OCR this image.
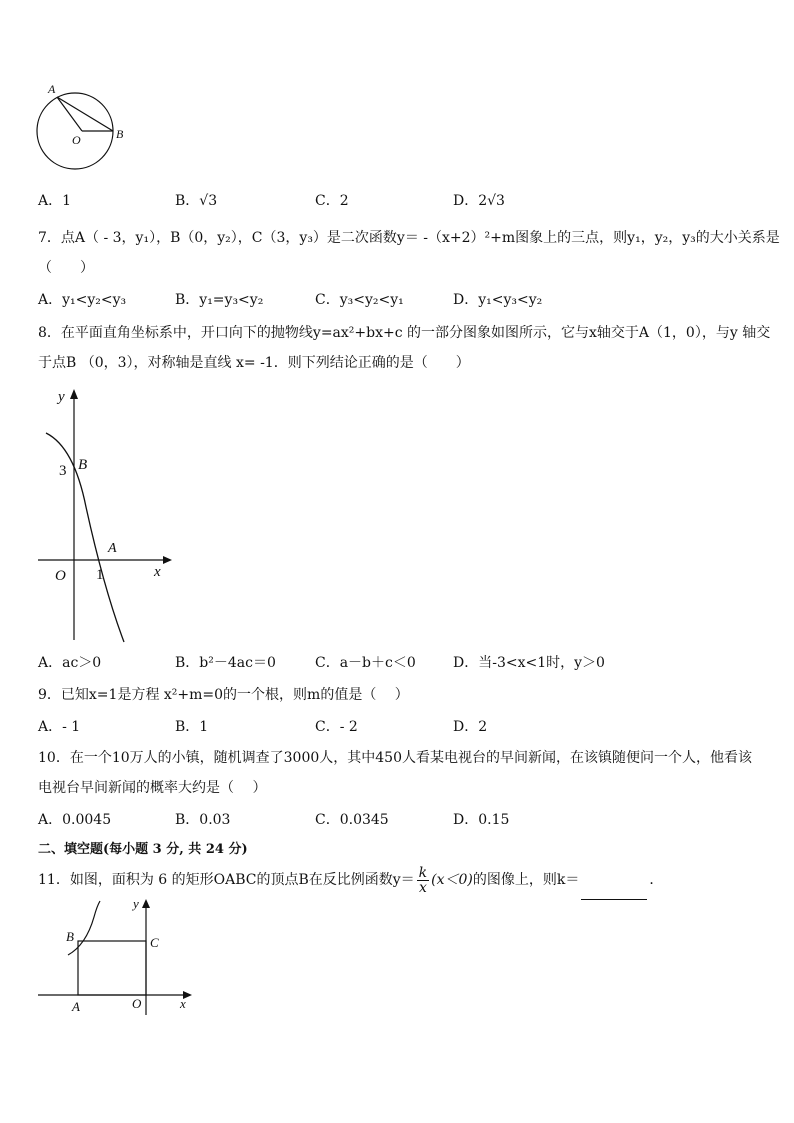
A
O	B
A．1	B．√3	C．2	D．2√3
7．点A（ - 3，y₁），B（0，y₂），C（3，y₃）是二次函数y＝ -（x+2）²+m图象上的三点，则y₁，y₂，y₃的大小关系是
（　　）
A．y₁<y₂<y₃	B．y₁=y₃<y₂	C．y₃<y₂<y₁	D．y₁<y₃<y₂
8．在平面直角坐标系中，开口向下的抛物线y=ax²+bx+c 的一部分图象如图所示，它与x轴交于A（1，0），与y 轴交
于点B （0，3），对称轴是直线 x= -1．则下列结论正确的是（　　）
y
3 B
A
O 1	x
A．ac＞0	B．b²－4ac＝0	C．a－b＋c＜0	D．当-3<x<1时，y＞0
9．已知x=1是方程 x²+m=0的一个根，则m的值是（　 ）
A．- 1	B．1	C．- 2	D．2
10．在一个10万人的小镇，随机调查了3000人，其中450人看某电视台的早间新闻，在该镇随便问一个人，他看该
电视台早间新闻的概率大约是（　 ）
A．0.0045	B．0.03	C．0.0345	D．0.15
二、填空题(每小题 3 分, 共 24 分)
11．如图，面积为 6 的矩形OABC的顶点B在反比例函数$y= \frac{k}{x} (x<0)$的图像上，则k＝	．
y
B	C
A	O	x
